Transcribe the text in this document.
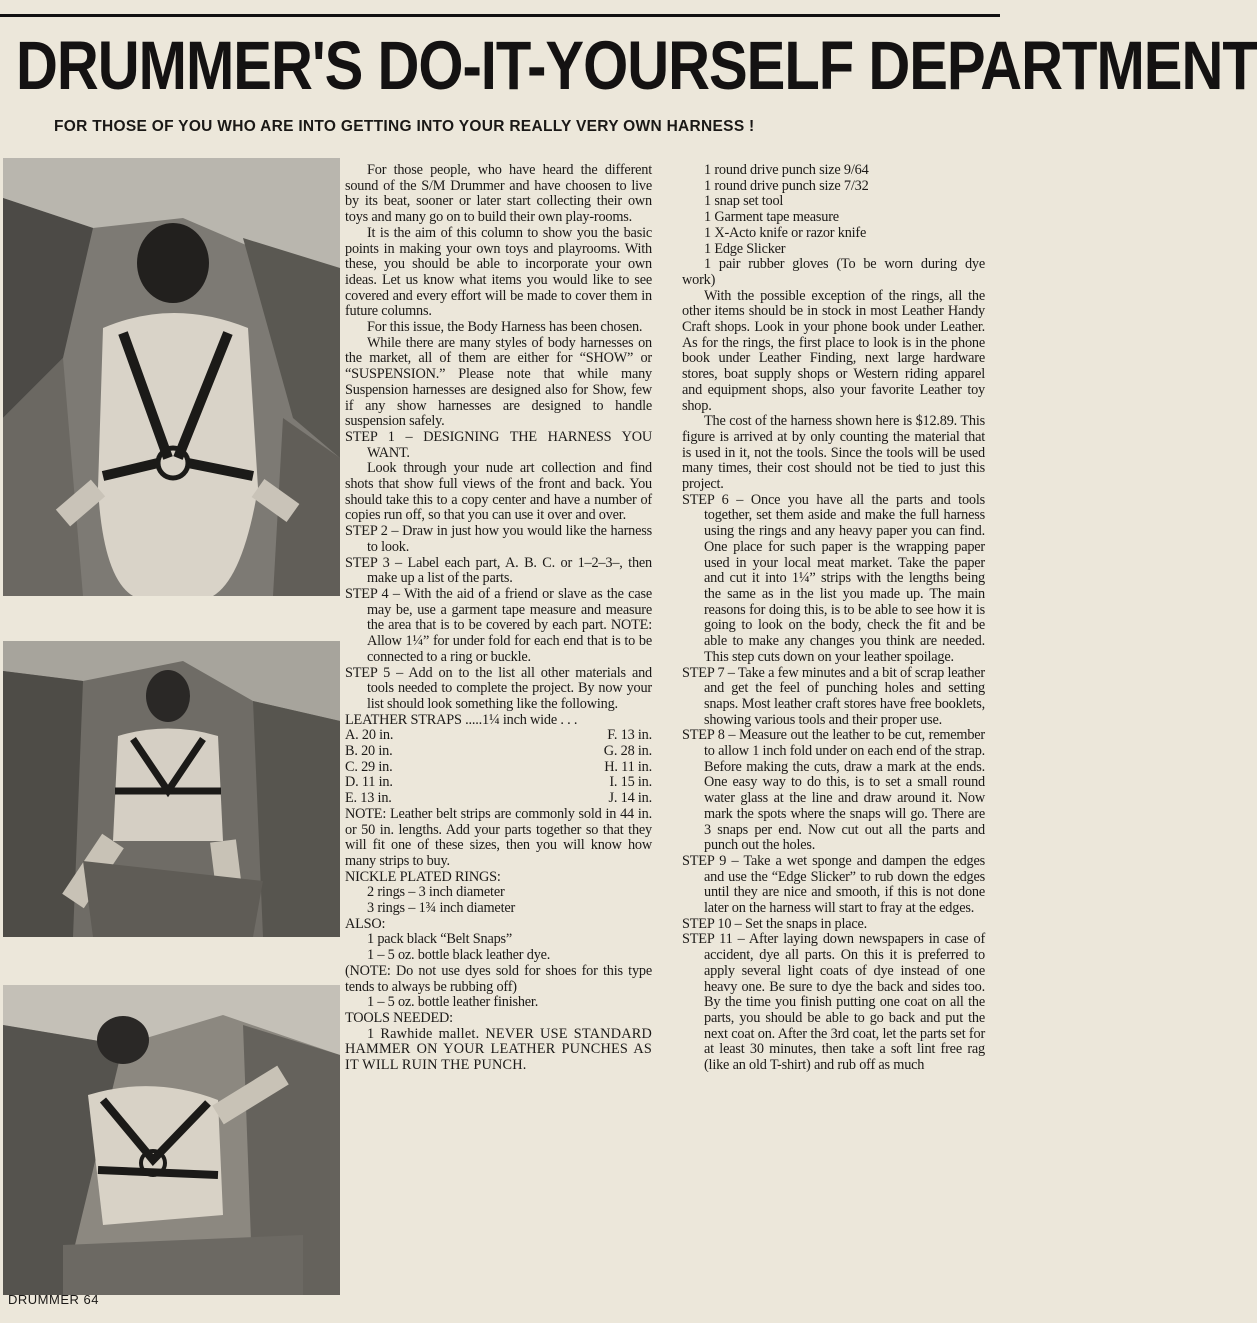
DRUMMER'S DO-IT-YOURSELF DEPARTMENT
FOR THOSE OF YOU WHO ARE INTO GETTING INTO YOUR REALLY VERY OWN HARNESS !

For those people, who have heard the different sound of the S/M Drummer and have choosen to live by its beat, sooner or later start collecting their own toys and many go on to build their own play-rooms.

It is the aim of this column to show you the basic points in making your own toys and playrooms. With these, you should be able to incorporate your own ideas. Let us know what items you would like to see covered and every effort will be made to cover them in future columns.

For this issue, the Body Harness has been chosen.

While there are many styles of body harnesses on the market, all of them are either for “SHOW” or “SUSPENSION.” Please note that while many Suspension harnesses are designed also for Show, few if any show harnesses are designed to handle suspension safely.

STEP 1 – DESIGNING THE HARNESS YOU WANT.

Look through your nude art collection and find shots that show full views of the front and back. You should take this to a copy center and have a number of copies run off, so that you can use it over and over.

STEP 2 – Draw in just how you would like the harness to look.

STEP 3 – Label each part, A. B. C. or 1–2–3–, then make up a list of the parts.

STEP 4 – With the aid of a friend or slave as the case may be, use a garment tape measure and measure the area that is to be covered by each part. NOTE: Allow 1¼” for under fold for each end that is to be connected to a ring or buckle.

STEP 5 – Add on to the list all other materials and tools needed to complete the project. By now your list should look something like the following.

LEATHER STRAPS .....1¼ inch wide . . .

A. 20 in.	F. 13 in.
B. 20 in.	G. 28 in.
C. 29 in.	H. 11 in.
D. 11 in.	I. 15 in.
E. 13 in.	J. 14 in.

NOTE: Leather belt strips are commonly sold in 44 in. or 50 in. lengths. Add your parts together so that they will fit one of these sizes, then you will know how many strips to buy.

NICKLE PLATED RINGS:

2 rings – 3 inch diameter

3 rings – 1¾ inch diameter

ALSO:

1 pack black “Belt Snaps”

1 – 5 oz. bottle black leather dye.

(NOTE: Do not use dyes sold for shoes for this type tends to always be rubbing off)

1 – 5 oz. bottle leather finisher.

TOOLS NEEDED:

1 Rawhide mallet. NEVER USE STANDARD HAMMER ON YOUR LEATHER PUNCHES AS IT WILL RUIN THE PUNCH.

1 round drive punch size 9/64

1 round drive punch size 7/32

1 snap set tool

1 Garment tape measure

1 X-Acto knife or razor knife

1 Edge Slicker

1 pair rubber gloves (To be worn during dye work)

With the possible exception of the rings, all the other items should be in stock in most Leather Handy Craft shops. Look in your phone book under Leather. As for the rings, the first place to look is in the phone book under Leather Finding, next large hardware stores, boat supply shops or Western riding apparel and equipment shops, also your favorite Leather toy shop.

The cost of the harness shown here is $12.89. This figure is arrived at by only counting the material that is used in it, not the tools. Since the tools will be used many times, their cost should not be tied to just this project.

STEP 6 – Once you have all the parts and tools together, set them aside and make the full harness using the rings and any heavy paper you can find. One place for such paper is the wrapping paper used in your local meat market. Take the paper and cut it into 1¼” strips with the lengths being the same as in the list you made up. The main reasons for doing this, is to be able to see how it is going to look on the body, check the fit and be able to make any changes you think are needed. This step cuts down on your leather spoilage.

STEP 7 – Take a few minutes and a bit of scrap leather and get the feel of punching holes and setting snaps. Most leather craft stores have free booklets, showing various tools and their proper use.

STEP 8 – Measure out the leather to be cut, remember to allow 1 inch fold under on each end of the strap. Before making the cuts, draw a mark at the ends. One easy way to do this, is to set a small round water glass at the line and draw around it. Now mark the spots where the snaps will go. There are 3 snaps per end. Now cut out all the parts and punch out the holes.

STEP 9 – Take a wet sponge and dampen the edges and use the “Edge Slicker” to rub down the edges until they are nice and smooth, if this is not done later on the harness will start to fray at the edges.

STEP 10 – Set the snaps in place.

STEP 11 – After laying down newspapers in case of accident, dye all parts. On this it is preferred to apply several light coats of dye instead of one heavy one. Be sure to dye the back and sides too. By the time you finish putting one coat on all the parts, you should be able to go back and put the next coat on. After the 3rd coat, let the parts set for at least 30 minutes, then take a soft lint free rag (like an old T-shirt) and rub off as much

DRUMMER 64
